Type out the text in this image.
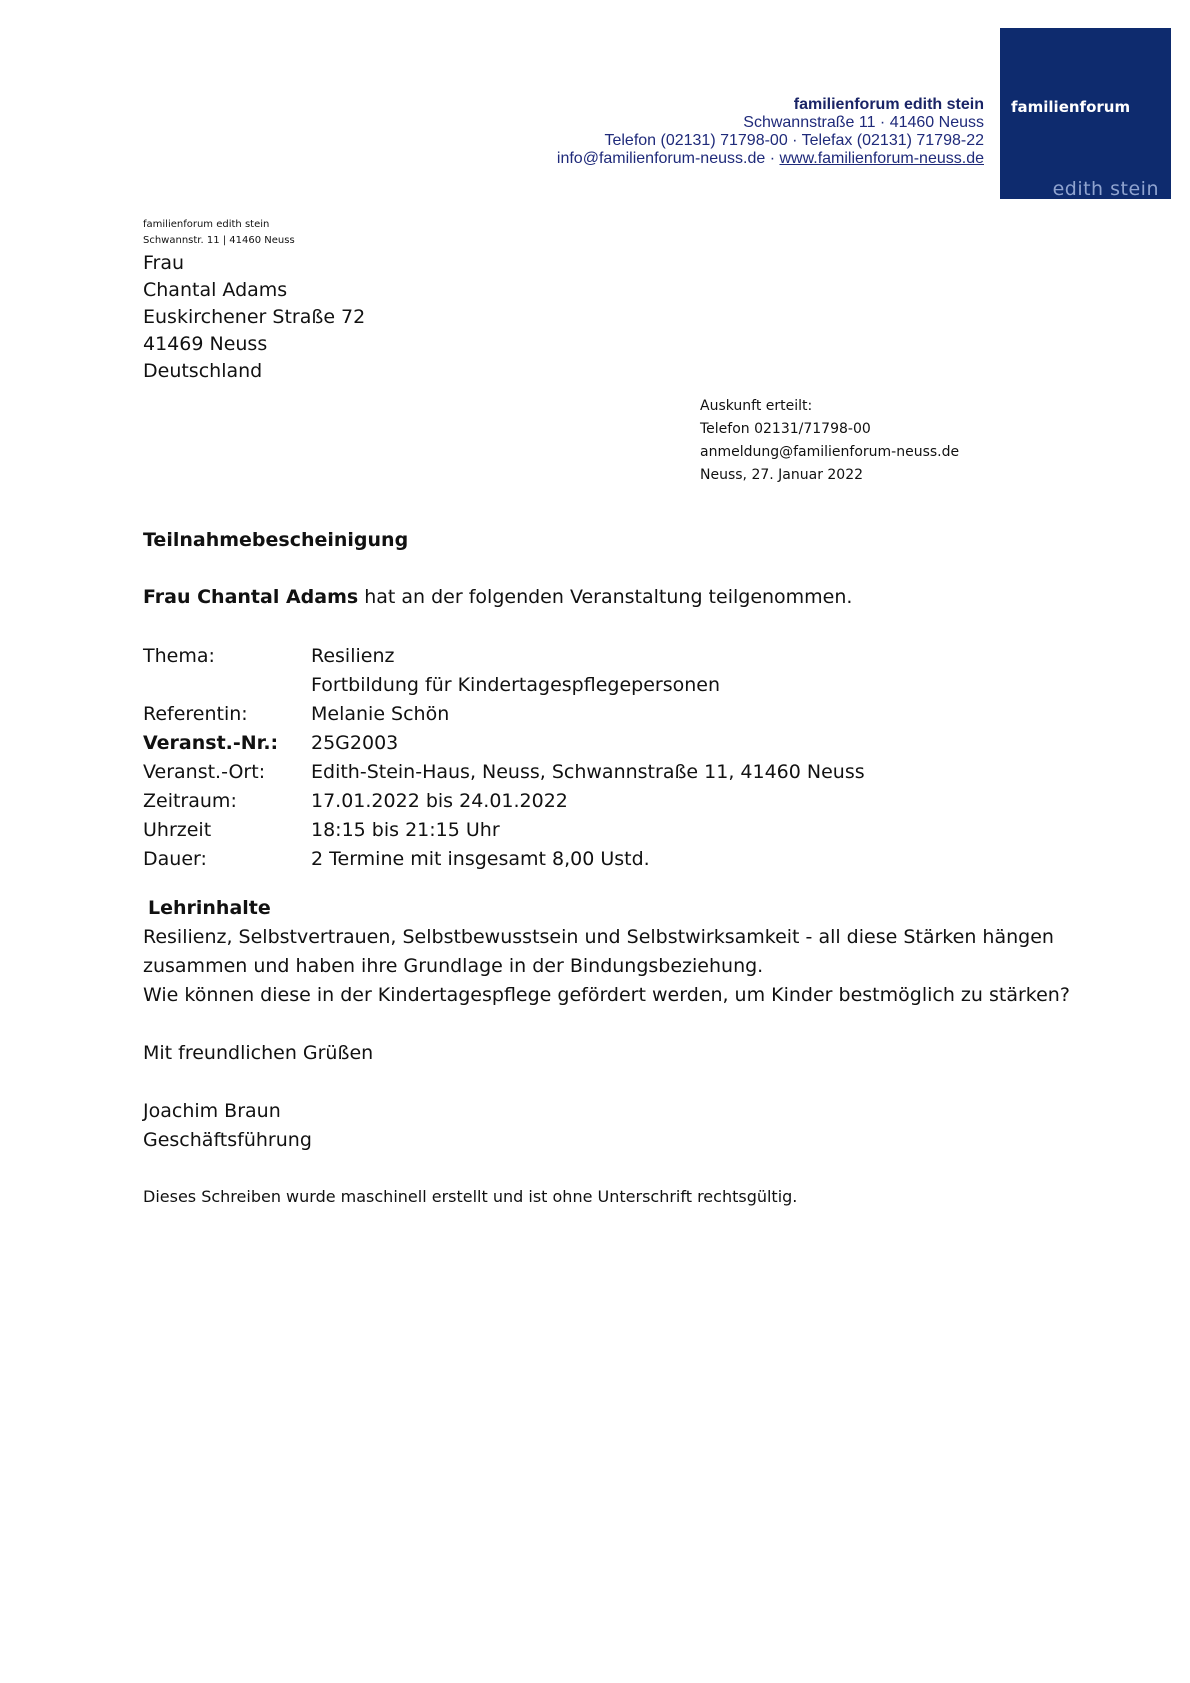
familienforum edith stein
Schwannstraße 11 · 41460 Neuss
Telefon (02131) 71798-00 · Telefax (02131) 71798-22
info@familienforum-neuss.de · www.familienforum-neuss.de
familienforum
edith stein
familienforum edith stein
Schwannstr. 11 | 41460 Neuss
Frau
Chantal Adams
Euskirchener Straße 72
41469 Neuss
Deutschland
Auskunft erteilt:
Telefon 02131/71798-00
anmeldung@familienforum-neuss.de
Neuss, 27. Januar 2022
Teilnahmebescheinigung
Frau Chantal Adams hat an der folgenden Veranstaltung teilgenommen.
Thema:	Resilienz
Fortbildung für Kindertagespflegepersonen
Referentin:	Melanie Schön
Veranst.-Nr.: 25G2003
Veranst.-Ort: Edith-Stein-Haus, Neuss, Schwannstraße 11, 41460 Neuss
Zeitraum:	17.01.2022 bis 24.01.2022
Uhrzeit	18:15 bis 21:15 Uhr
Dauer:	2 Termine mit insgesamt 8,00 Ustd.
Lehrinhalte
Resilienz, Selbstvertrauen, Selbstbewusstsein und Selbstwirksamkeit - all diese Stärken hängen
zusammen und haben ihre Grundlage in der Bindungsbeziehung.
Wie können diese in der Kindertagespflege gefördert werden, um Kinder bestmöglich zu stärken?
Mit freundlichen Grüßen
Joachim Braun
Geschäftsführung
Dieses Schreiben wurde maschinell erstellt und ist ohne Unterschrift rechtsgültig.
